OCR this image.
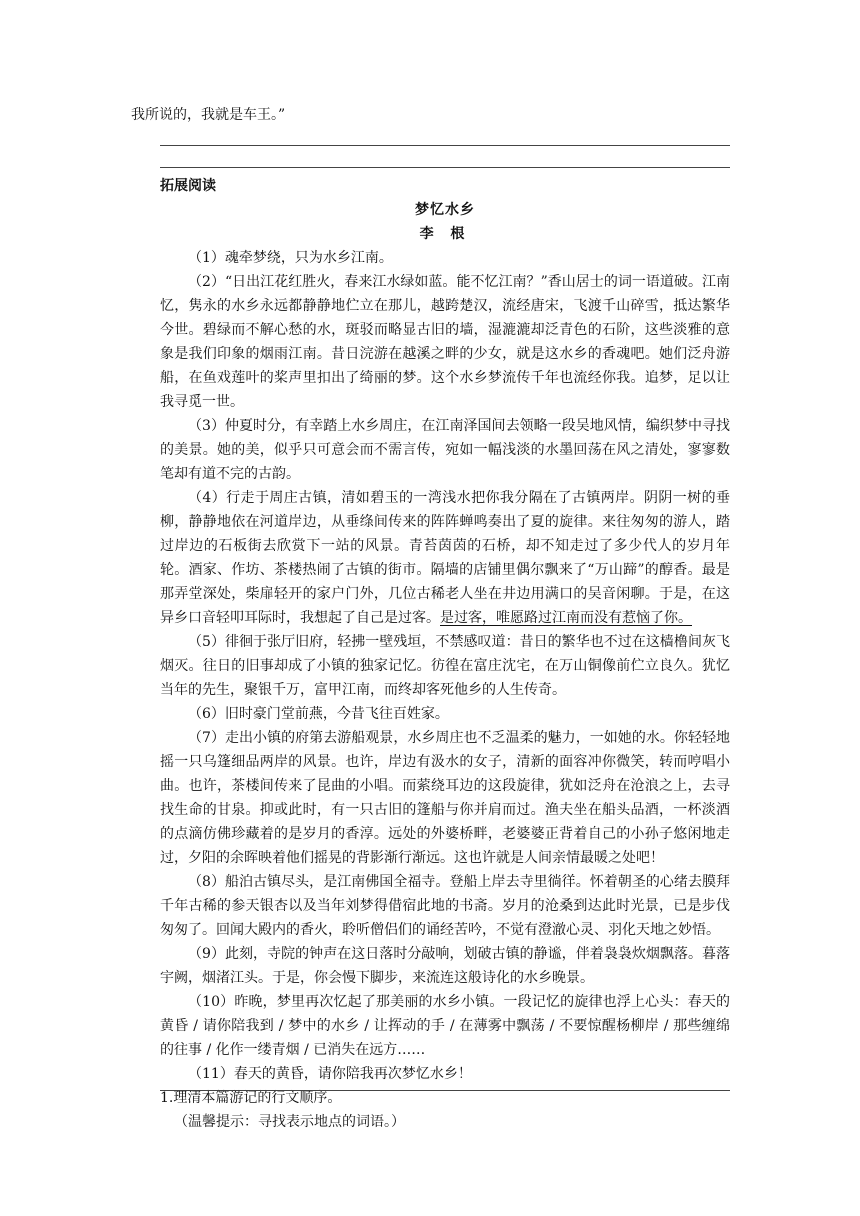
我所说的，我就是车王。”
拓展阅读
梦忆水乡
李 根

（1）魂牵梦绕，只为水乡江南。

（2）“日出江花红胜火，春来江水绿如蓝。能不忆江南？”香山居士的词一语道破。江南忆，隽永的水乡永远都静静地伫立在那儿，越跨楚汉，流经唐宋，飞渡千山碎雪，抵达繁华今世。碧绿而不解心愁的水，斑驳而略显古旧的墙，湿漉漉却泛青色的石阶，这些淡雅的意象是我们印象的烟雨江南。昔日浣游在越溪之畔的少女，就是这水乡的香魂吧。她们泛舟游船，在鱼戏莲叶的桨声里扣出了绮丽的梦。这个水乡梦流传千年也流经你我。追梦，足以让我寻觅一世。

（3）仲夏时分，有幸踏上水乡周庄，在江南泽国间去领略一段吴地风情，编织梦中寻找的美景。她的美，似乎只可意会而不需言传，宛如一幅浅淡的水墨回荡在风之清处，寥寥数笔却有道不完的古韵。

（4）行走于周庄古镇，清如碧玉的一湾浅水把你我分隔在了古镇两岸。阴阴一树的垂柳，静静地依在河道岸边，从垂绦间传来的阵阵蝉鸣奏出了夏的旋律。来往匆匆的游人，踏过岸边的石板街去欣赏下一站的风景。青苔茵茵的石桥，却不知走过了多少代人的岁月年轮。酒家、作坊、茶楼热闹了古镇的街市。隔墙的店铺里偶尔飘来了“万山蹄”的醇香。最是那弄堂深处，柴扉轻开的家户门外，几位古稀老人坐在井边用满口的吴音闲聊。于是，在这异乡口音轻叩耳际时，我想起了自己是过客。是过客，唯愿路过江南而没有惹恼了你。

（5）徘徊于张厅旧府，轻拂一壁残垣，不禁感叹道：昔日的繁华也不过在这樯橹间灰飞烟灭。往日的旧事却成了小镇的独家记忆。彷徨在富庄沈宅，在万山铜像前伫立良久。犹忆当年的先生，聚银千万，富甲江南，而终却客死他乡的人生传奇。

（6）旧时豪门堂前燕，今昔飞往百姓家。

（7）走出小镇的府第去游船观景，水乡周庄也不乏温柔的魅力，一如她的水。你轻轻地摇一只乌篷细品两岸的风景。也许，岸边有汲水的女子，清新的面容冲你微笑，转而哼唱小曲。也许，茶楼间传来了昆曲的小唱。而萦绕耳边的这段旋律，犹如泛舟在沧浪之上，去寻找生命的甘泉。抑或此时，有一只古旧的篷船与你并肩而过。渔夫坐在船头品酒，一杯淡酒的点滴仿佛珍藏着的是岁月的香淳。远处的外婆桥畔，老婆婆正背着自己的小孙子悠闲地走过，夕阳的余晖映着他们摇晃的背影渐行渐远。这也许就是人间亲情最暖之处吧！

（8）船泊古镇尽头，是江南佛国全福寺。登船上岸去寺里徜徉。怀着朝圣的心绪去膜拜千年古稀的参天银杏以及当年刘梦得借宿此地的书斋。岁月的沧桑到达此时光景，已是步伐匆匆了。回闻大殿内的香火，聆听僧侣们的诵经苦吟，不觉有澄澈心灵、羽化天地之妙悟。

（9）此刻，寺院的钟声在这日落时分敲响，划破古镇的静谧，伴着袅袅炊烟飘落。暮落宇阙，烟渚江头。于是，你会慢下脚步，来流连这般诗化的水乡晚景。

（10）昨晚，梦里再次忆起了那美丽的水乡小镇。一段记忆的旋律也浮上心头：春天的黄昏 / 请你陪我到 / 梦中的水乡 / 让挥动的手 / 在薄雾中飘荡 / 不要惊醒杨柳岸 / 那些缠绵的往事 / 化作一缕青烟 / 已消失在远方……

（11）春天的黄昏，请你陪我再次梦忆水乡！

1.理清本篇游记的行文顺序。

（温馨提示：寻找表示地点的词语。）
